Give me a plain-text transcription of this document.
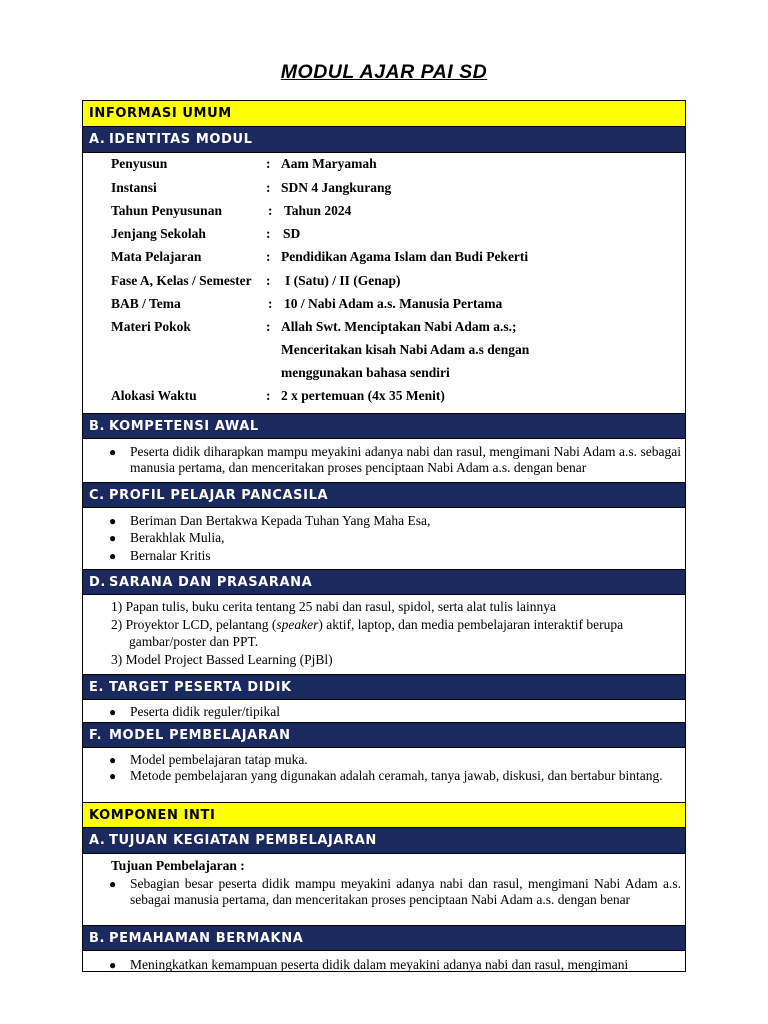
MODUL AJAR PAI SD
INFORMASI UMUM
A. IDENTITAS MODUL
Penyusun	: Aam Maryamah
Instansi	: SDN 4 Jangkurang
Tahun Penyusunan	: Tahun 2024
Jenjang Sekolah	: SD
Mata Pelajaran	: Pendidikan Agama Islam dan Budi Pekerti
Fase A, Kelas / Semester : I (Satu) / II (Genap)
BAB / Tema	: 10 / Nabi Adam a.s. Manusia Pertama
Materi Pokok	: Allah Swt. Menciptakan Nabi Adam a.s.;
Menceritakan kisah Nabi Adam a.s dengan
menggunakan bahasa sendiri
Alokasi Waktu	: 2 x pertemuan (4x 35 Menit)
B. KOMPETENSI AWAL
●	Peserta didik diharapkan mampu meyakini adanya nabi dan rasul, mengimani Nabi Adam a.s. sebagai manusia pertama, dan menceritakan proses penciptaan Nabi Adam a.s. dengan benar
C. PROFIL PELAJAR PANCASILA
●	Beriman Dan Bertakwa Kepada Tuhan Yang Maha Esa,
●	Berakhlak Mulia,
●	Bernalar Kritis
D. SARANA DAN PRASARANA
1) Papan tulis, buku cerita tentang 25 nabi dan rasul, spidol, serta alat tulis lainnya
2) Proyektor LCD, pelantang (speaker) aktif, laptop, dan media pembelajaran interaktif berupa
gambar/poster dan PPT.
3) Model Project Bassed Learning (PjBl)
E. TARGET PESERTA DIDIK
●	Peserta didik reguler/tipikal
F. MODEL PEMBELAJARAN
●	Model pembelajaran tatap muka.
●	Metode pembelajaran yang digunakan adalah ceramah, tanya jawab, diskusi, dan bertabur bintang.
KOMPONEN INTI
A. TUJUAN KEGIATAN PEMBELAJARAN
Tujuan Pembelajaran :
●	Sebagian besar peserta didik mampu meyakini adanya nabi dan rasul, mengimani Nabi Adam a.s. sebagai manusia pertama, dan menceritakan proses penciptaan Nabi Adam a.s. dengan benar
B. PEMAHAMAN BERMAKNA
●	Meningkatkan kemampuan peserta didik dalam meyakini adanya nabi dan rasul, mengimani
